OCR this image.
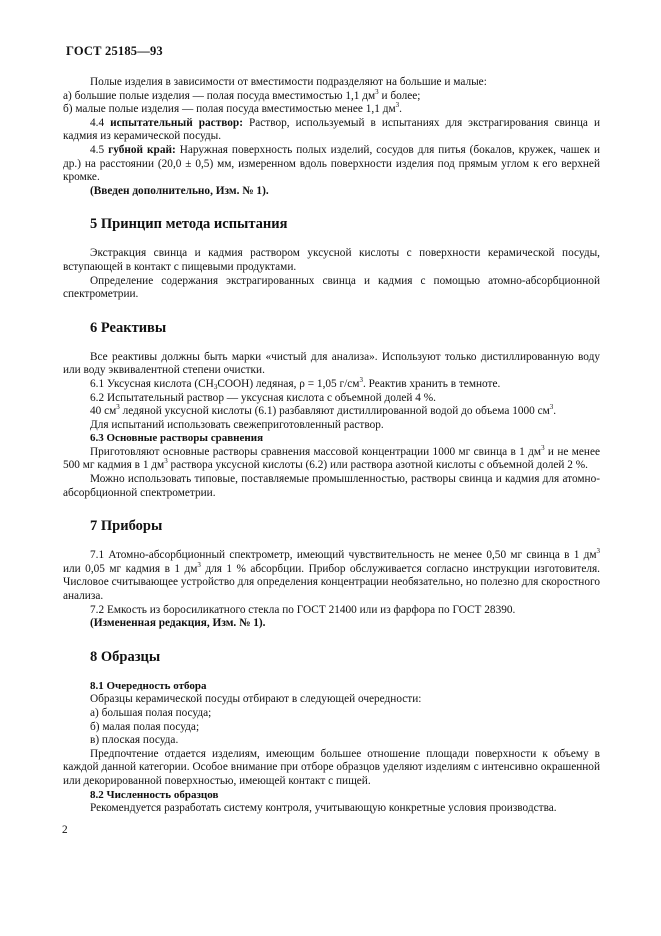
ГОСТ 25185—93

Полые изделия в зависимости от вместимости подразделяют на большие и малые:

а) большие полые изделия — полая посуда вместимостью 1,1 $дм^3$ и более;

б) малые полые изделия — полая посуда вместимостью менее 1,1 $дм^3$.

4.4 испытательный раствор: Раствор, используемый в испытаниях для экстрагирования свинца и кадмия из керамической посуды.

4.5 губной край: Наружная поверхность полых изделий, сосудов для питья (бокалов, кружек, чашек и др.) на расстоянии (20,0 ± 0,5) мм, измеренном вдоль поверхности изделия под прямым углом к его верхней кромке.

(Введен дополнительно, Изм. № 1).

5 Принцип метода испытания

Экстракция свинца и кадмия раствором уксусной кислоты с поверхности керамической посуды, вступающей в контакт с пищевыми продуктами.

Определение содержания экстрагированных свинца и кадмия с помощью атомно-абсорбционной спектрометрии.

6 Реактивы

Все реактивы должны быть марки «чистый для анализа». Используют только дистиллированную воду или воду эквивалентной степени очистки.

6.1 Уксусная кислота $(СН_3СООН)$ ледяная, ρ = 1,05 $г/см^3$. Реактив хранить в темноте.

6.2 Испытательный раствор — уксусная кислота с объемной долей 4 %.

40 $см^3$ ледяной уксусной кислоты (6.1) разбавляют дистиллированной водой до объема 1000 $см^3$.

Для испытаний использовать свежеприготовленный раствор.

6.3 Основные растворы сравнения

Приготовляют основные растворы сравнения массовой концентрации 1000 мг свинца в 1 $дм^3$ и не менее 500 мг кадмия в 1 $дм^3$ раствора уксусной кислоты (6.2) или раствора азотной кислоты с объемной долей 2 %.

Можно использовать типовые, поставляемые промышленностью, растворы свинца и кадмия для атомно-абсорбционной спектрометрии.

7 Приборы

7.1 Атомно-абсорбционный спектрометр, имеющий чувствительность не менее 0,50 мг свинца в 1 $дм^3$ или 0,05 мг кадмия в 1 $дм^3$ для 1 % абсорбции. Прибор обслуживается согласно инструкции изготовителя. Числовое считывающее устройство для определения концентрации необязательно, но полезно для скоростного анализа.

7.2 Емкость из боросиликатного стекла по ГОСТ 21400 или из фарфора по ГОСТ 28390.

(Измененная редакция, Изм. № 1).

8 Образцы

8.1 Очередность отбора

Образцы керамической посуды отбирают в следующей очередности:

а) большая полая посуда;

б) малая полая посуда;

в) плоская посуда.

Предпочтение отдается изделиям, имеющим большее отношение площади поверхности к объему в каждой данной категории. Особое внимание при отборе образцов уделяют изделиям с интенсивно окрашенной или декорированной поверхностью, имеющей контакт с пищей.

8.2 Численность образцов

Рекомендуется разработать систему контроля, учитывающую конкретные условия производства.

2
